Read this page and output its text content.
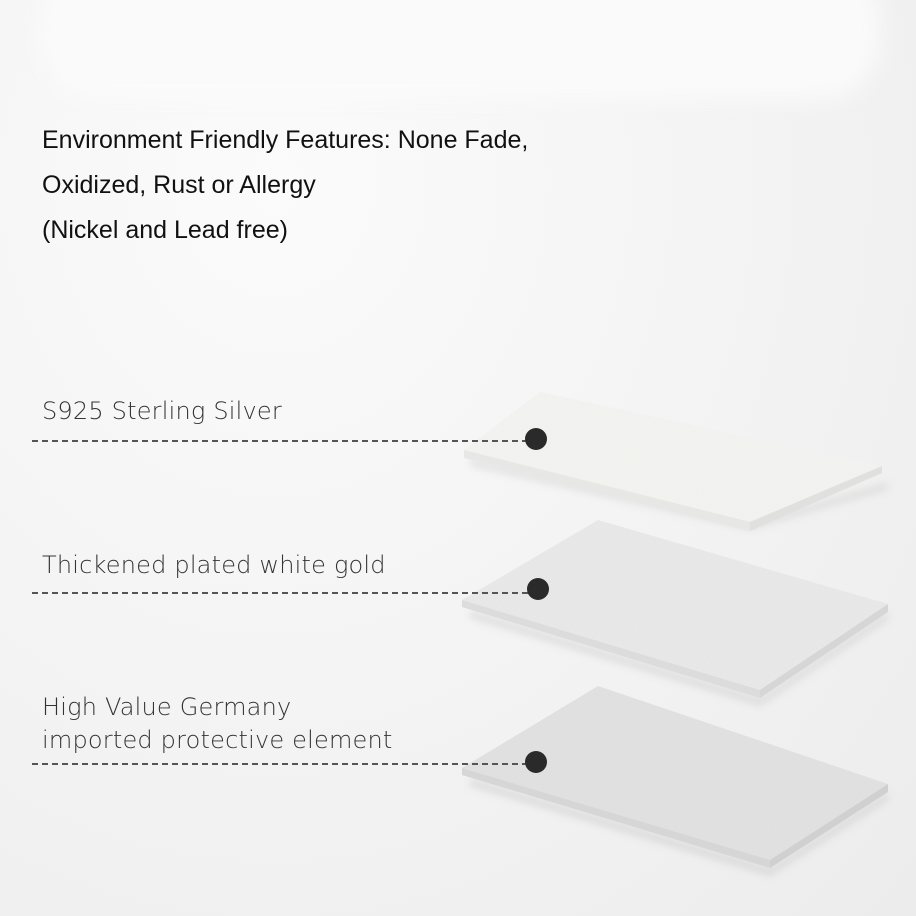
Environment Friendly Features: None Fade,
Oxidized, Rust or Allergy
(Nickel and Lead free)
S925 Sterling Silver
Thickened plated white gold
High Value Germany
imported protective element
